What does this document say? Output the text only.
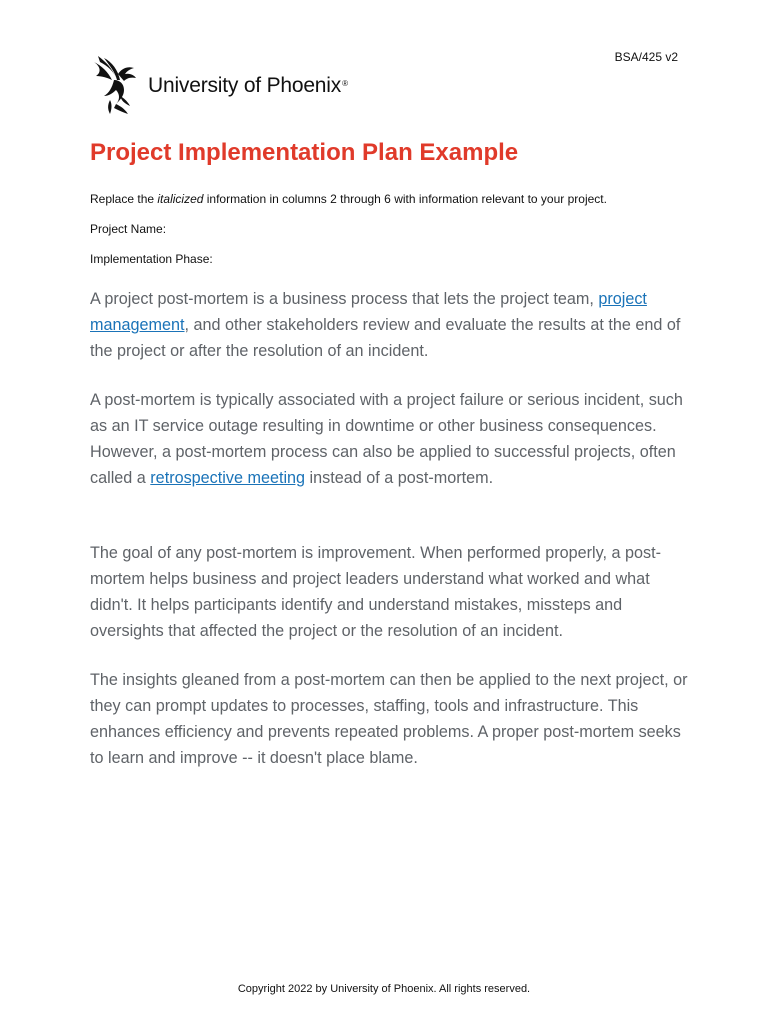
BSA/425 v2
University of Phoenix®
Project Implementation Plan Example

Replace the italicized information in columns 2 through 6 with information relevant to your project.

Project Name:

Implementation Phase:

A project post-mortem is a business process that lets the project team, project management, and other stakeholders review and evaluate the results at the end of the project or after the resolution of an incident.

A post-mortem is typically associated with a project failure or serious incident, such as an IT service outage resulting in downtime or other business consequences. However, a post-mortem process can also be applied to successful projects, often called a retrospective meeting instead of a post-mortem.

The goal of any post-mortem is improvement. When performed properly, a post-mortem helps business and project leaders understand what worked and what didn't. It helps participants identify and understand mistakes, missteps and oversights that affected the project or the resolution of an incident.

The insights gleaned from a post-mortem can then be applied to the next project, or they can prompt updates to processes, staffing, tools and infrastructure. This enhances efficiency and prevents repeated problems. A proper post-mortem seeks to learn and improve -- it doesn't place blame.

Copyright 2022 by University of Phoenix. All rights reserved.
